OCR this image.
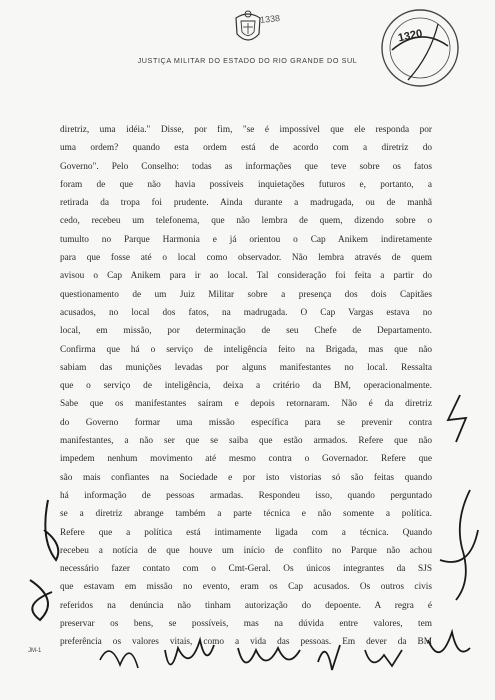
1338
JUSTIÇA MILITAR DO ESTADO DO RIO GRANDE DO SUL
1320
diretriz, uma idéia." Disse, por fim, "se é impossível que ele responda por
uma ordem? quando esta ordem está de acordo com a diretriz do
Governo". Pelo Conselho: todas as informações que teve sobre os fatos
foram de que não havia possíveis inquietações futuros e, portanto, a
retirada da tropa foi prudente. Ainda durante a madrugada, ou de manhã
cedo, recebeu um telefonema, que não lembra de quem, dizendo sobre o
tumulto no Parque Harmonia e já orientou o Cap Anikem indiretamente
para que fosse até o local como observador. Não lembra através de quem
avisou o Cap Anikem para ir ao local. Tal consideração foi feita a partir do
questionamento de um Juiz Militar sobre a presença dos dois Capitães
acusados, no local dos fatos, na madrugada. O Cap Vargas estava no
local, em missão, por determinação de seu Chefe de Departamento.
Confirma que há o serviço de inteligência feito na Brigada, mas que não
sabiam das munições levadas por alguns manifestantes no local. Ressalta
que o serviço de inteligência, deixa a critério da BM, operacionalmente.
Sabe que os manifestantes saíram e depois retornaram. Não é da diretriz
do Governo formar uma missão específica para se prevenir contra
manifestantes, a não ser que se saiba que estão armados. Refere que não
impedem nenhum movimento até mesmo contra o Governador. Refere que
são mais confiantes na Sociedade e por isto vistorias só são feitas quando
há informação de pessoas armadas. Respondeu isso, quando perguntado
se a diretriz abrange também a parte técnica e não somente a política.
Refere que a política está intimamente ligada com a técnica. Quando
recebeu a notícia de que houve um início de conflito no Parque não achou
necessário fazer contato com o Cmt-Geral. Os únicos integrantes da SJS
que estavam em missão no evento, eram os Cap acusados. Os outros civis
referidos na denúncia não tinham autorização do depoente. A regra é
preservar os bens, se possíveis, mas na dúvida entre valores, tem
preferência os valores vitais, como a vida das pessoas. Em dever da BM
JM-1
